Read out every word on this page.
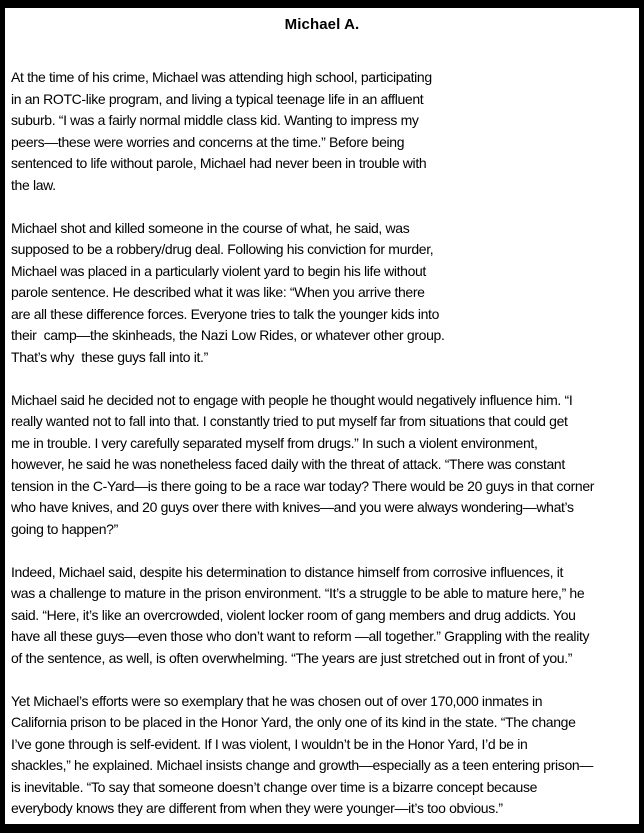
Michael A.
At the time of his crime, Michael was attending high school, participating
in an ROTC-like program, and living a typical teenage life in an affluent
suburb. “I was a fairly normal middle class kid. Wanting to impress my
peers—these were worries and concerns at the time.” Before being
sentenced to life without parole, Michael had never been in trouble with
the law.
Michael shot and killed someone in the course of what, he said, was
supposed to be a robbery/drug deal. Following his conviction for murder,
Michael was placed in a particularly violent yard to begin his life without
parole sentence. He described what it was like: “When you arrive there
are all these difference forces. Everyone tries to talk the younger kids into
their  camp—the skinheads, the Nazi Low Rides, or whatever other group.
That’s why  these guys fall into it.”
Michael said he decided not to engage with people he thought would negatively influence him. “I
really wanted not to fall into that. I constantly tried to put myself far from situations that could get
me in trouble. I very carefully separated myself from drugs.” In such a violent environment,
however, he said he was nonetheless faced daily with the threat of attack. “There was constant
tension in the C-Yard—is there going to be a race war today? There would be 20 guys in that corner
who have knives, and 20 guys over there with knives—and you were always wondering—what’s
going to happen?”
Indeed, Michael said, despite his determination to distance himself from corrosive influences, it
was a challenge to mature in the prison environment. “It’s a struggle to be able to mature here,” he
said. “Here, it’s like an overcrowded, violent locker room of gang members and drug addicts. You
have all these guys—even those who don’t want to reform —all together.” Grappling with the reality
of the sentence, as well, is often overwhelming. “The years are just stretched out in front of you.”
Yet Michael’s efforts were so exemplary that he was chosen out of over 170,000 inmates in
California prison to be placed in the Honor Yard, the only one of its kind in the state. “The change
I’ve gone through is self-evident. If I was violent, I wouldn’t be in the Honor Yard, I’d be in
shackles,” he explained. Michael insists change and growth—especially as a teen entering prison—
is inevitable. “To say that someone doesn’t change over time is a bizarre concept because
everybody knows they are different from when they were younger—it’s too obvious.”
